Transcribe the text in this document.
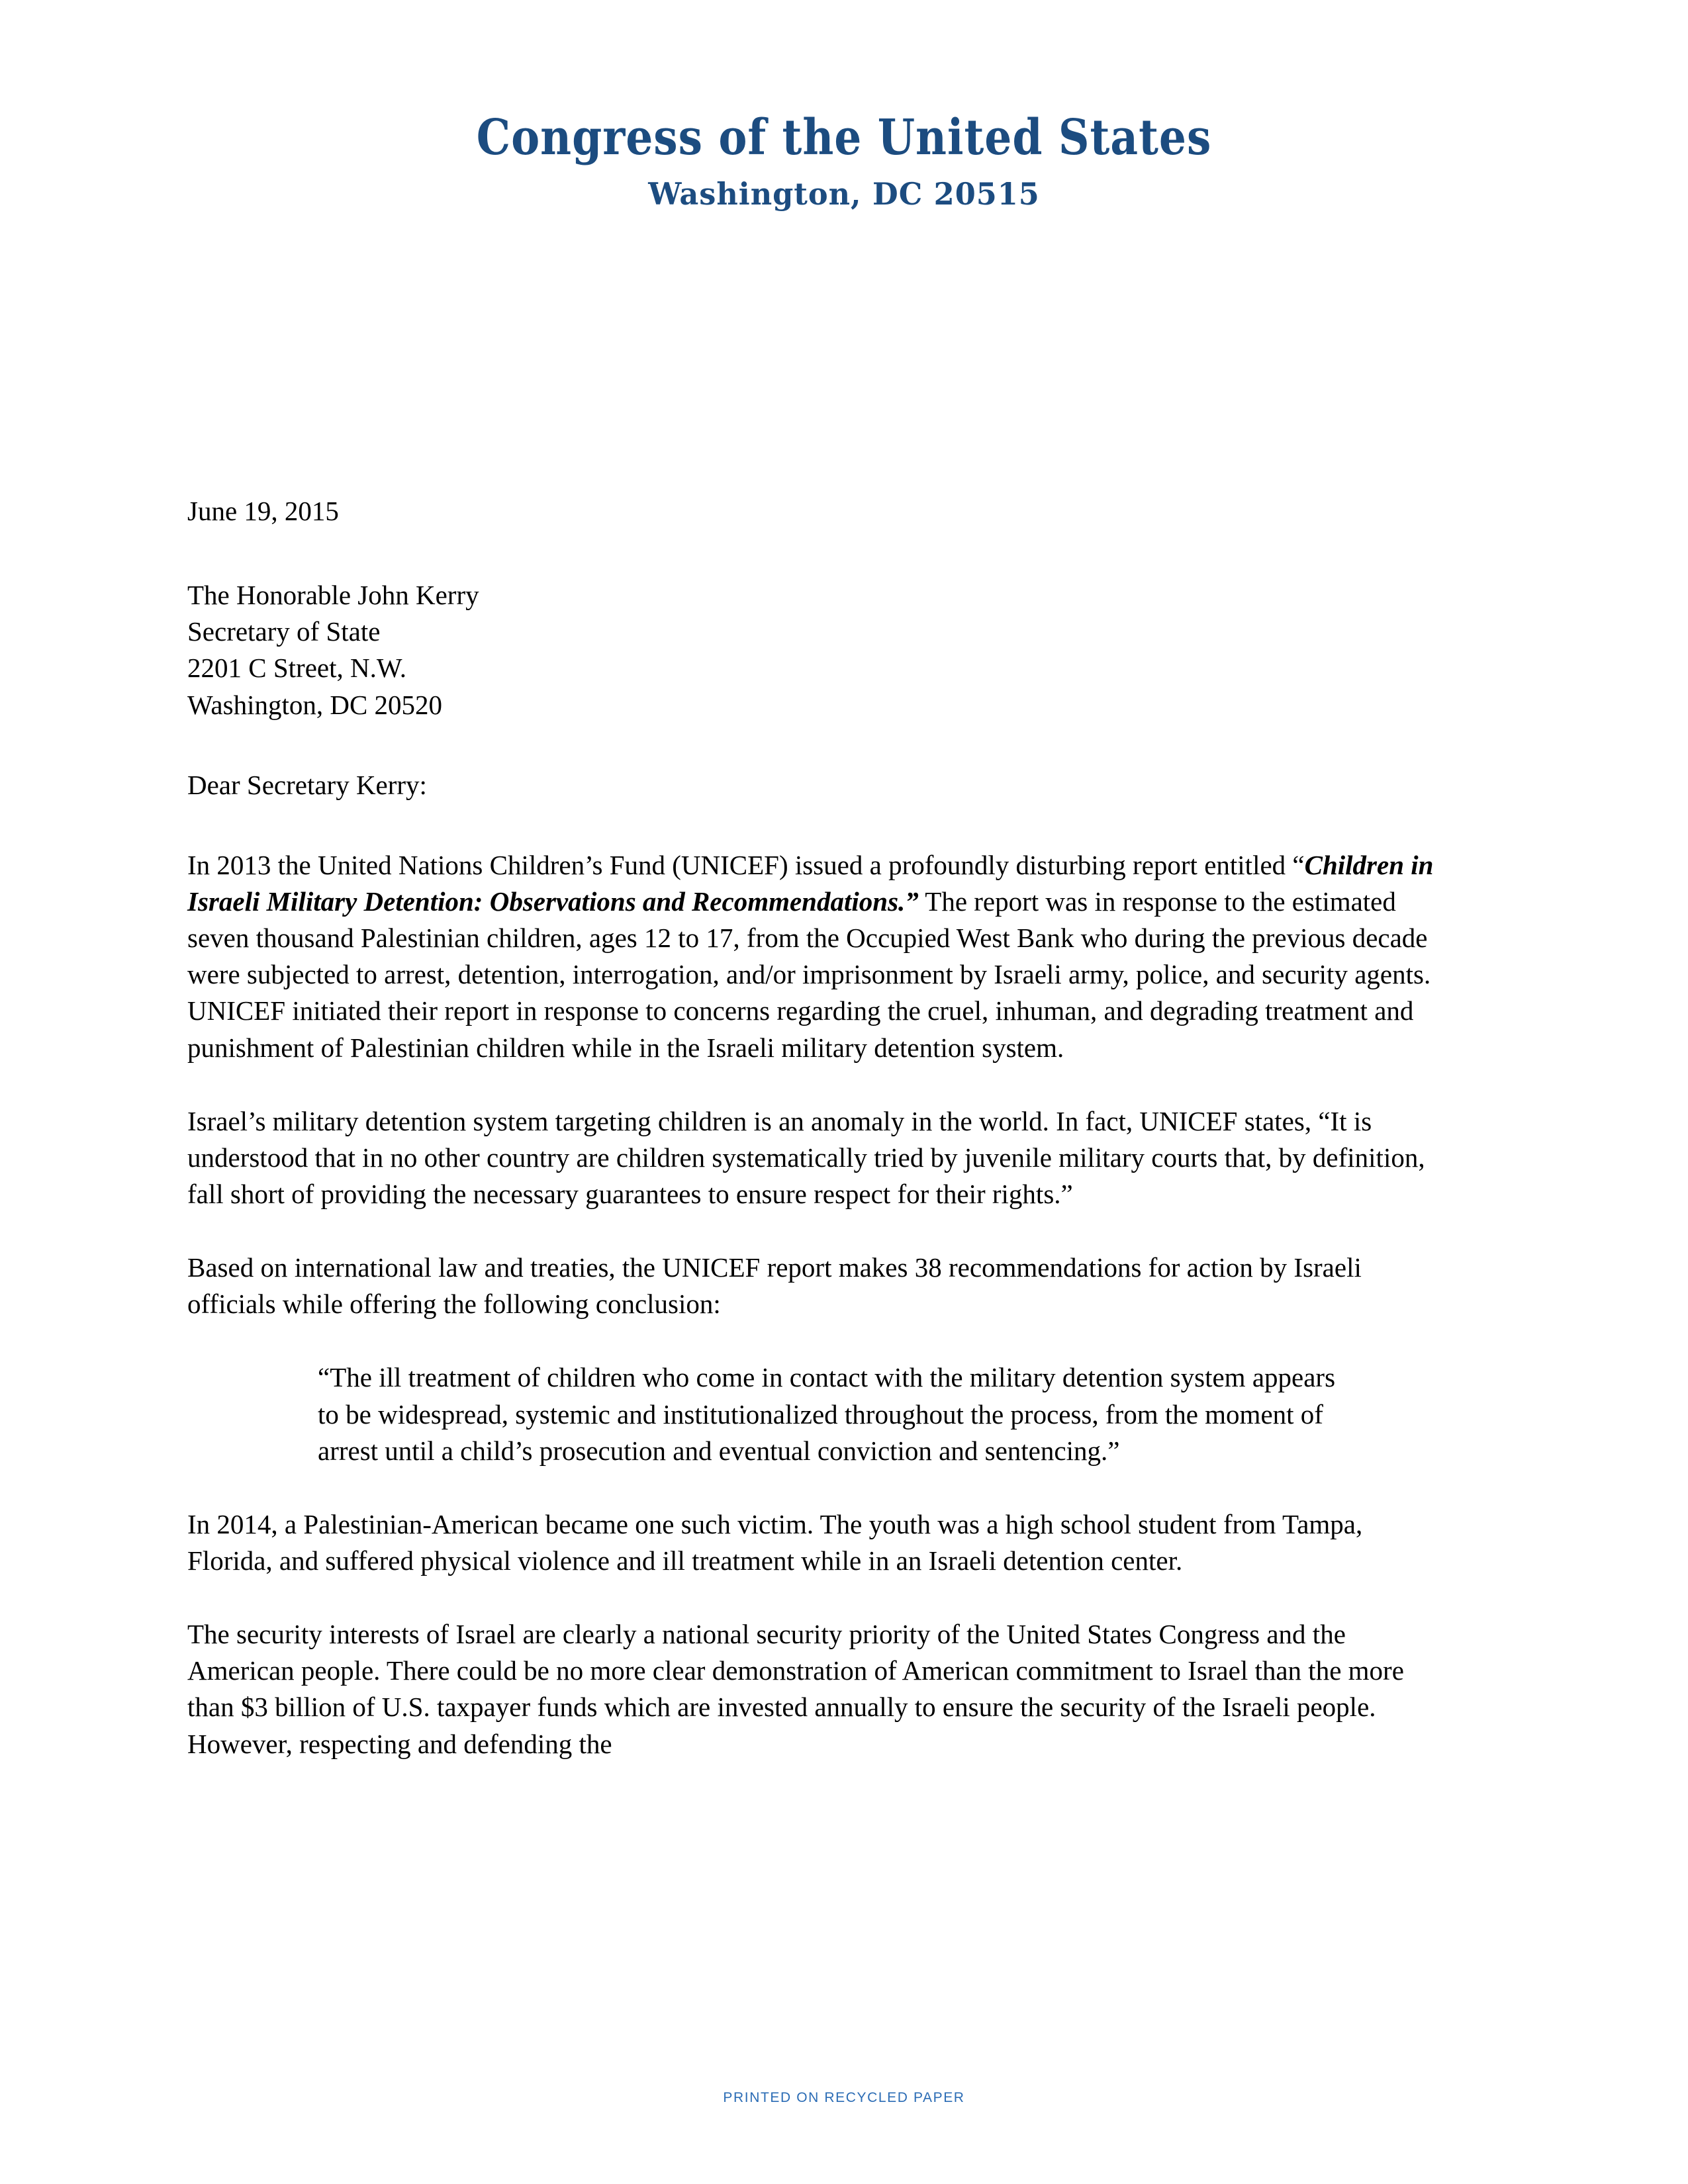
Congress of the United States
Washington, DC 20515
June 19, 2015
The Honorable John Kerry
Secretary of State
2201 C Street, N.W.
Washington, DC 20520
Dear Secretary Kerry:

In 2013 the United Nations Children’s Fund (UNICEF) issued a profoundly disturbing report entitled “Children in Israeli Military Detention: Observations and Recommendations.” The report was in response to the estimated seven thousand Palestinian children, ages 12 to 17, from the Occupied West Bank who during the previous decade were subjected to arrest, detention, interrogation, and/or imprisonment by Israeli army, police, and security agents. UNICEF initiated their report in response to concerns regarding the cruel, inhuman, and degrading treatment and punishment of Palestinian children while in the Israeli military detention system.

Israel’s military detention system targeting children is an anomaly in the world. In fact, UNICEF states, “It is understood that in no other country are children systematically tried by juvenile military courts that, by definition, fall short of providing the necessary guarantees to ensure respect for their rights.”

Based on international law and treaties, the UNICEF report makes 38 recommendations for action by Israeli officials while offering the following conclusion:

“The ill treatment of children who come in contact with the military detention system appears to be widespread, systemic and institutionalized throughout the process, from the moment of arrest until a child’s prosecution and eventual conviction and sentencing.”

In 2014, a Palestinian-American became one such victim. The youth was a high school student from Tampa, Florida, and suffered physical violence and ill treatment while in an Israeli detention center.

The security interests of Israel are clearly a national security priority of the United States Congress and the American people. There could be no more clear demonstration of American commitment to Israel than the more than $3 billion of U.S. taxpayer funds which are invested annually to ensure the security of the Israeli people. However, respecting and defending the

PRINTED ON RECYCLED PAPER
